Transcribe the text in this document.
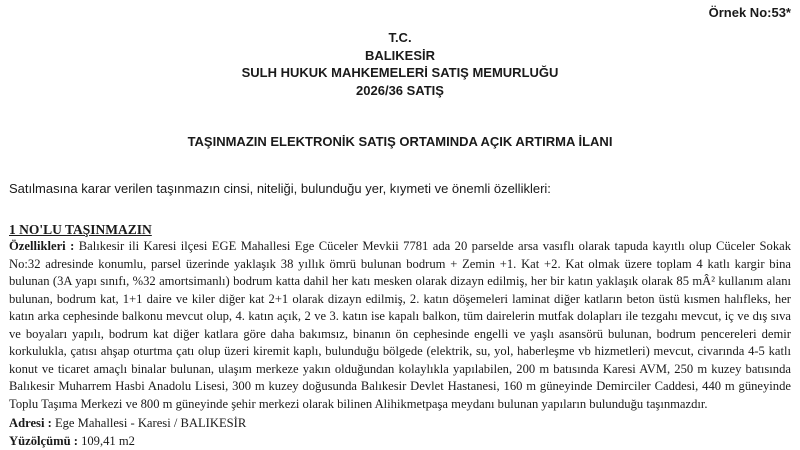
Örnek No:53*

T.C.
BALIKESİR
SULH HUKUK MAHKEMELERİ SATIŞ MEMURLUĞU
2026/36 SATIŞ

TAŞINMAZIN ELEKTRONİK SATIŞ ORTAMINDA AÇIK ARTIRMA İLANI

Satılmasına karar verilen taşınmazın cinsi, niteliği, bulunduğu yer, kıymeti ve önemli özellikleri:

1 NO'LU TAŞINMAZIN

Özellikleri : Balıkesir ili Karesi ilçesi EGE Mahallesi Ege Cüceler Mevkii 7781 ada 20 parselde arsa vasıflı olarak tapuda kayıtlı olup Cüceler Sokak No:32 adresinde konumlu, parsel üzerinde yaklaşık 38 yıllık ömrü bulunan bodrum + Zemin +1. Kat +2. Kat olmak üzere toplam 4 katlı kargir bina bulunan (3A yapı sınıfı, %32 amortsimanlı) bodrum katta dahil her katı mesken olarak dizayn edilmiş, her bir katın yaklaşık olarak 85 mÂ² kullanım alanı bulunan, bodrum kat, 1+1 daire ve kiler diğer kat 2+1 olarak dizayn edilmiş, 2. katın döşemeleri laminat diğer katların beton üstü kısmen halıfleks, her katın arka cephesinde balkonu mevcut olup, 4. katın açık, 2 ve 3. katın ise kapalı balkon, tüm dairelerin mutfak dolapları ile tezgahı mevcut, iç ve dış sıva ve boyaları yapılı, bodrum kat diğer katlara göre daha bakımsız, binanın ön cephesinde engelli ve yaşlı asansörü bulunan, bodrum pencereleri demir korkulukla, çatısı ahşap oturtma çatı olup üzeri kiremit kaplı, bulunduğu bölgede (elektrik, su, yol, haberleşme vb hizmetleri) mevcut, civarında 4-5 katlı konut ve ticaret amaçlı binalar bulunan, ulaşım merkeze yakın olduğundan kolaylıkla yapılabilen, 200 m batısında Karesi AVM, 250 m kuzey batısında Balıkesir Muharrem Hasbi Anadolu Lisesi, 300 m kuzey doğusunda Balıkesir Devlet Hastanesi, 160 m güneyinde Demirciler Caddesi, 440 m güneyinde Toplu Taşıma Merkezi ve 800 m güneyinde şehir merkezi olarak bilinen Alihikmetpaşa meydanı bulunan yapıların bulunduğu taşınmazdır.

Adresi : Ege Mahallesi - Karesi / BALIKESİR

Yüzölçümü : 109,41 m2
